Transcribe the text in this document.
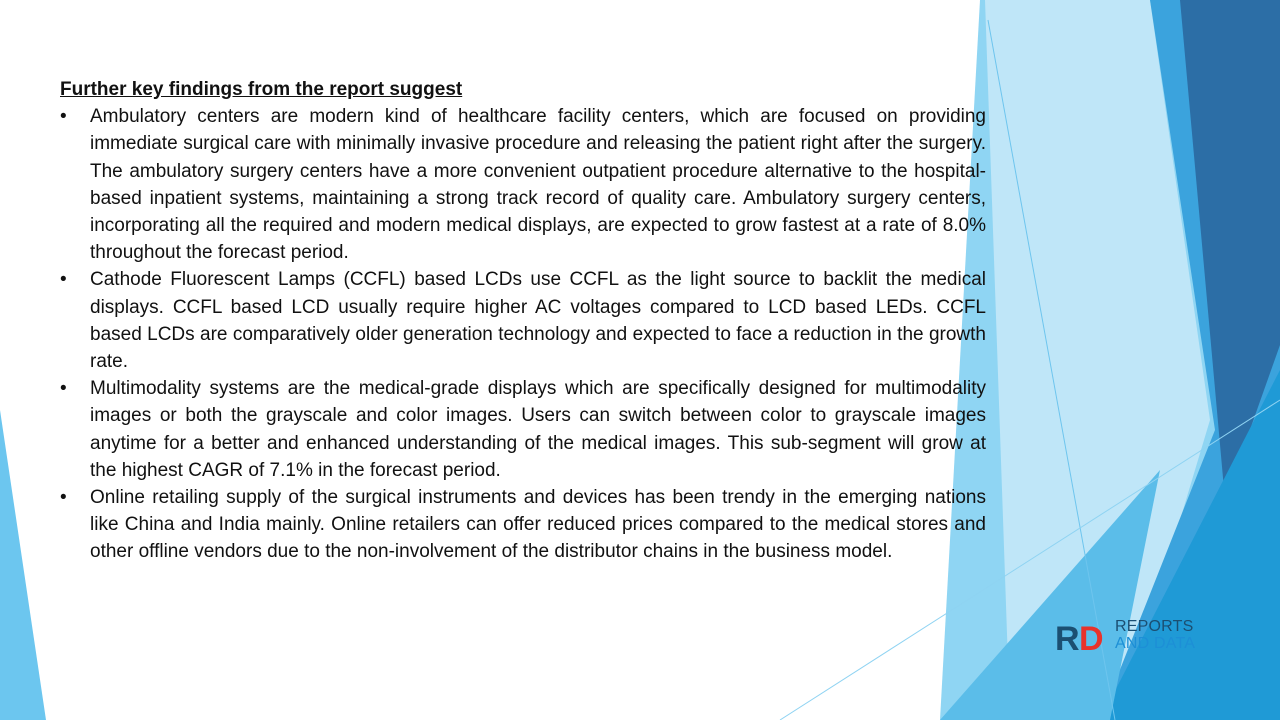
Further key findings from the report suggest

• Ambulatory centers are modern kind of healthcare facility centers, which are focused on providing immediate surgical care with minimally invasive procedure and releasing the patient right after the surgery. The ambulatory surgery centers have a more convenient outpatient procedure alternative to the hospital-based inpatient systems, maintaining a strong track record of quality care. Ambulatory surgery centers, incorporating all the required and modern medical displays, are expected to grow fastest at a rate of 8.0% throughout the forecast period.
• Cathode Fluorescent Lamps (CCFL) based LCDs use CCFL as the light source to backlit the medical displays. CCFL based LCD usually require higher AC voltages compared to LCD based LEDs. CCFL based LCDs are comparatively older generation technology and expected to face a reduction in the growth rate.
• Multimodality systems are the medical-grade displays which are specifically designed for multimodality images or both the grayscale and color images. Users can switch between color to grayscale images anytime for a better and enhanced understanding of the medical images. This sub-segment will grow at the highest CAGR of 7.1% in the forecast period.
• Online retailing supply of the surgical instruments and devices has been trendy in the emerging nations like China and India mainly. Online retailers can offer reduced prices compared to the medical stores and other offline vendors due to the non-involvement of the distributor chains in the business model.
R D REPORTS
AND DATA
